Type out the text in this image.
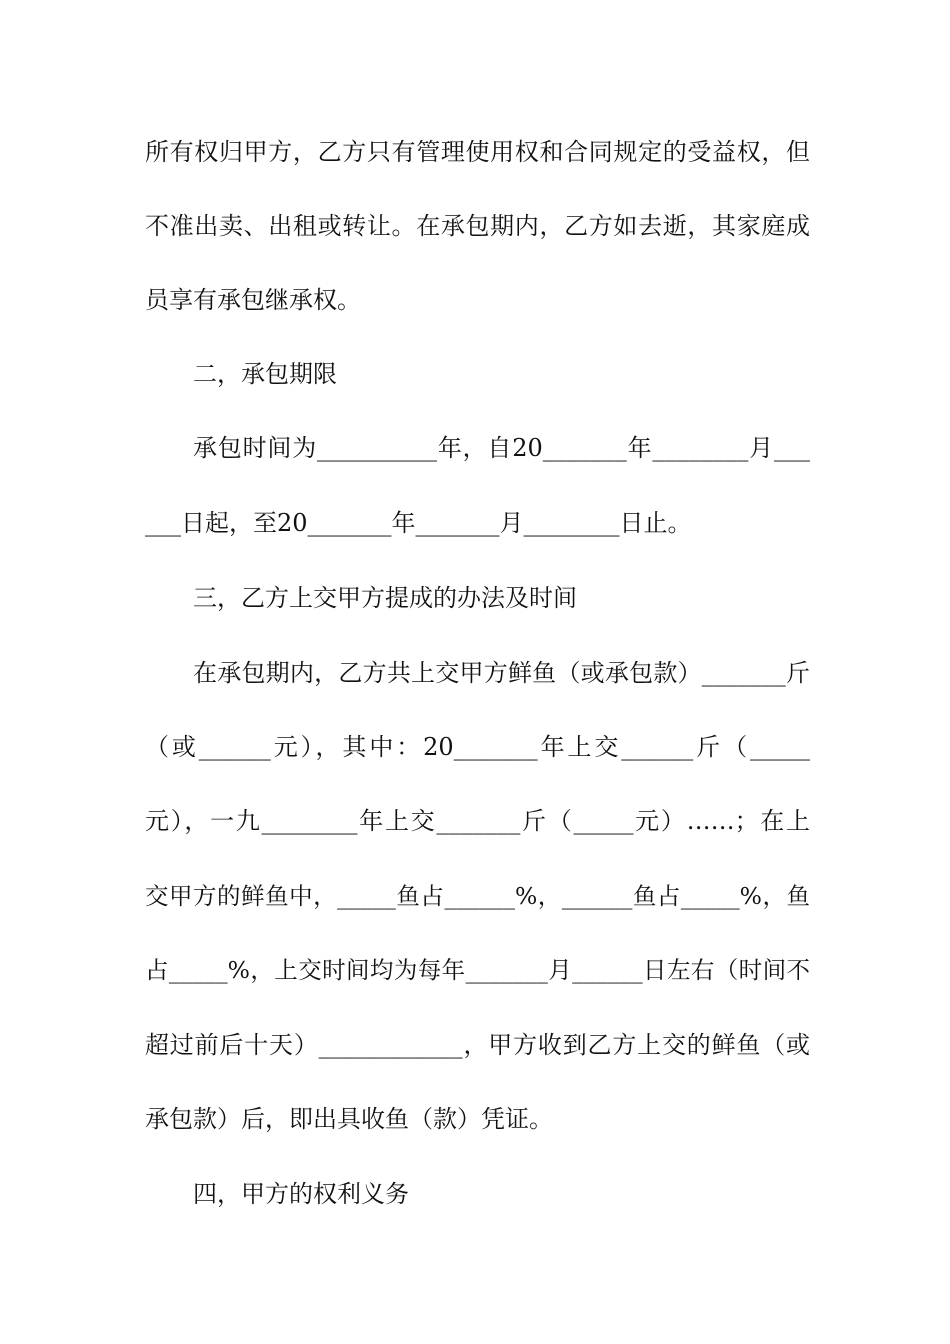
所有权归甲方，乙方只有管理使用权和合同规定的受益权，但
不准出卖、出租或转让。在承包期内，乙方如去逝，其家庭成
员享有承包继承权。
二，承包期限
承包时间为__________年，自20_______年________月___
___日起，至20_______年_______月________日止。
三，乙方上交甲方提成的办法及时间
在承包期内，乙方共上交甲方鲜鱼（或承包款）_______斤
（或______元），其中：20_______年上交______斤（_____
元），一九________年上交_______斤（_____元）……；在上
交甲方的鲜鱼中，_____鱼占______%，______鱼占_____%，鱼
占_____%，上交时间均为每年_______月______日左右（时间不
超过前后十天）____________，甲方收到乙方上交的鲜鱼（或
承包款）后，即出具收鱼（款）凭证。
四，甲方的权利义务
